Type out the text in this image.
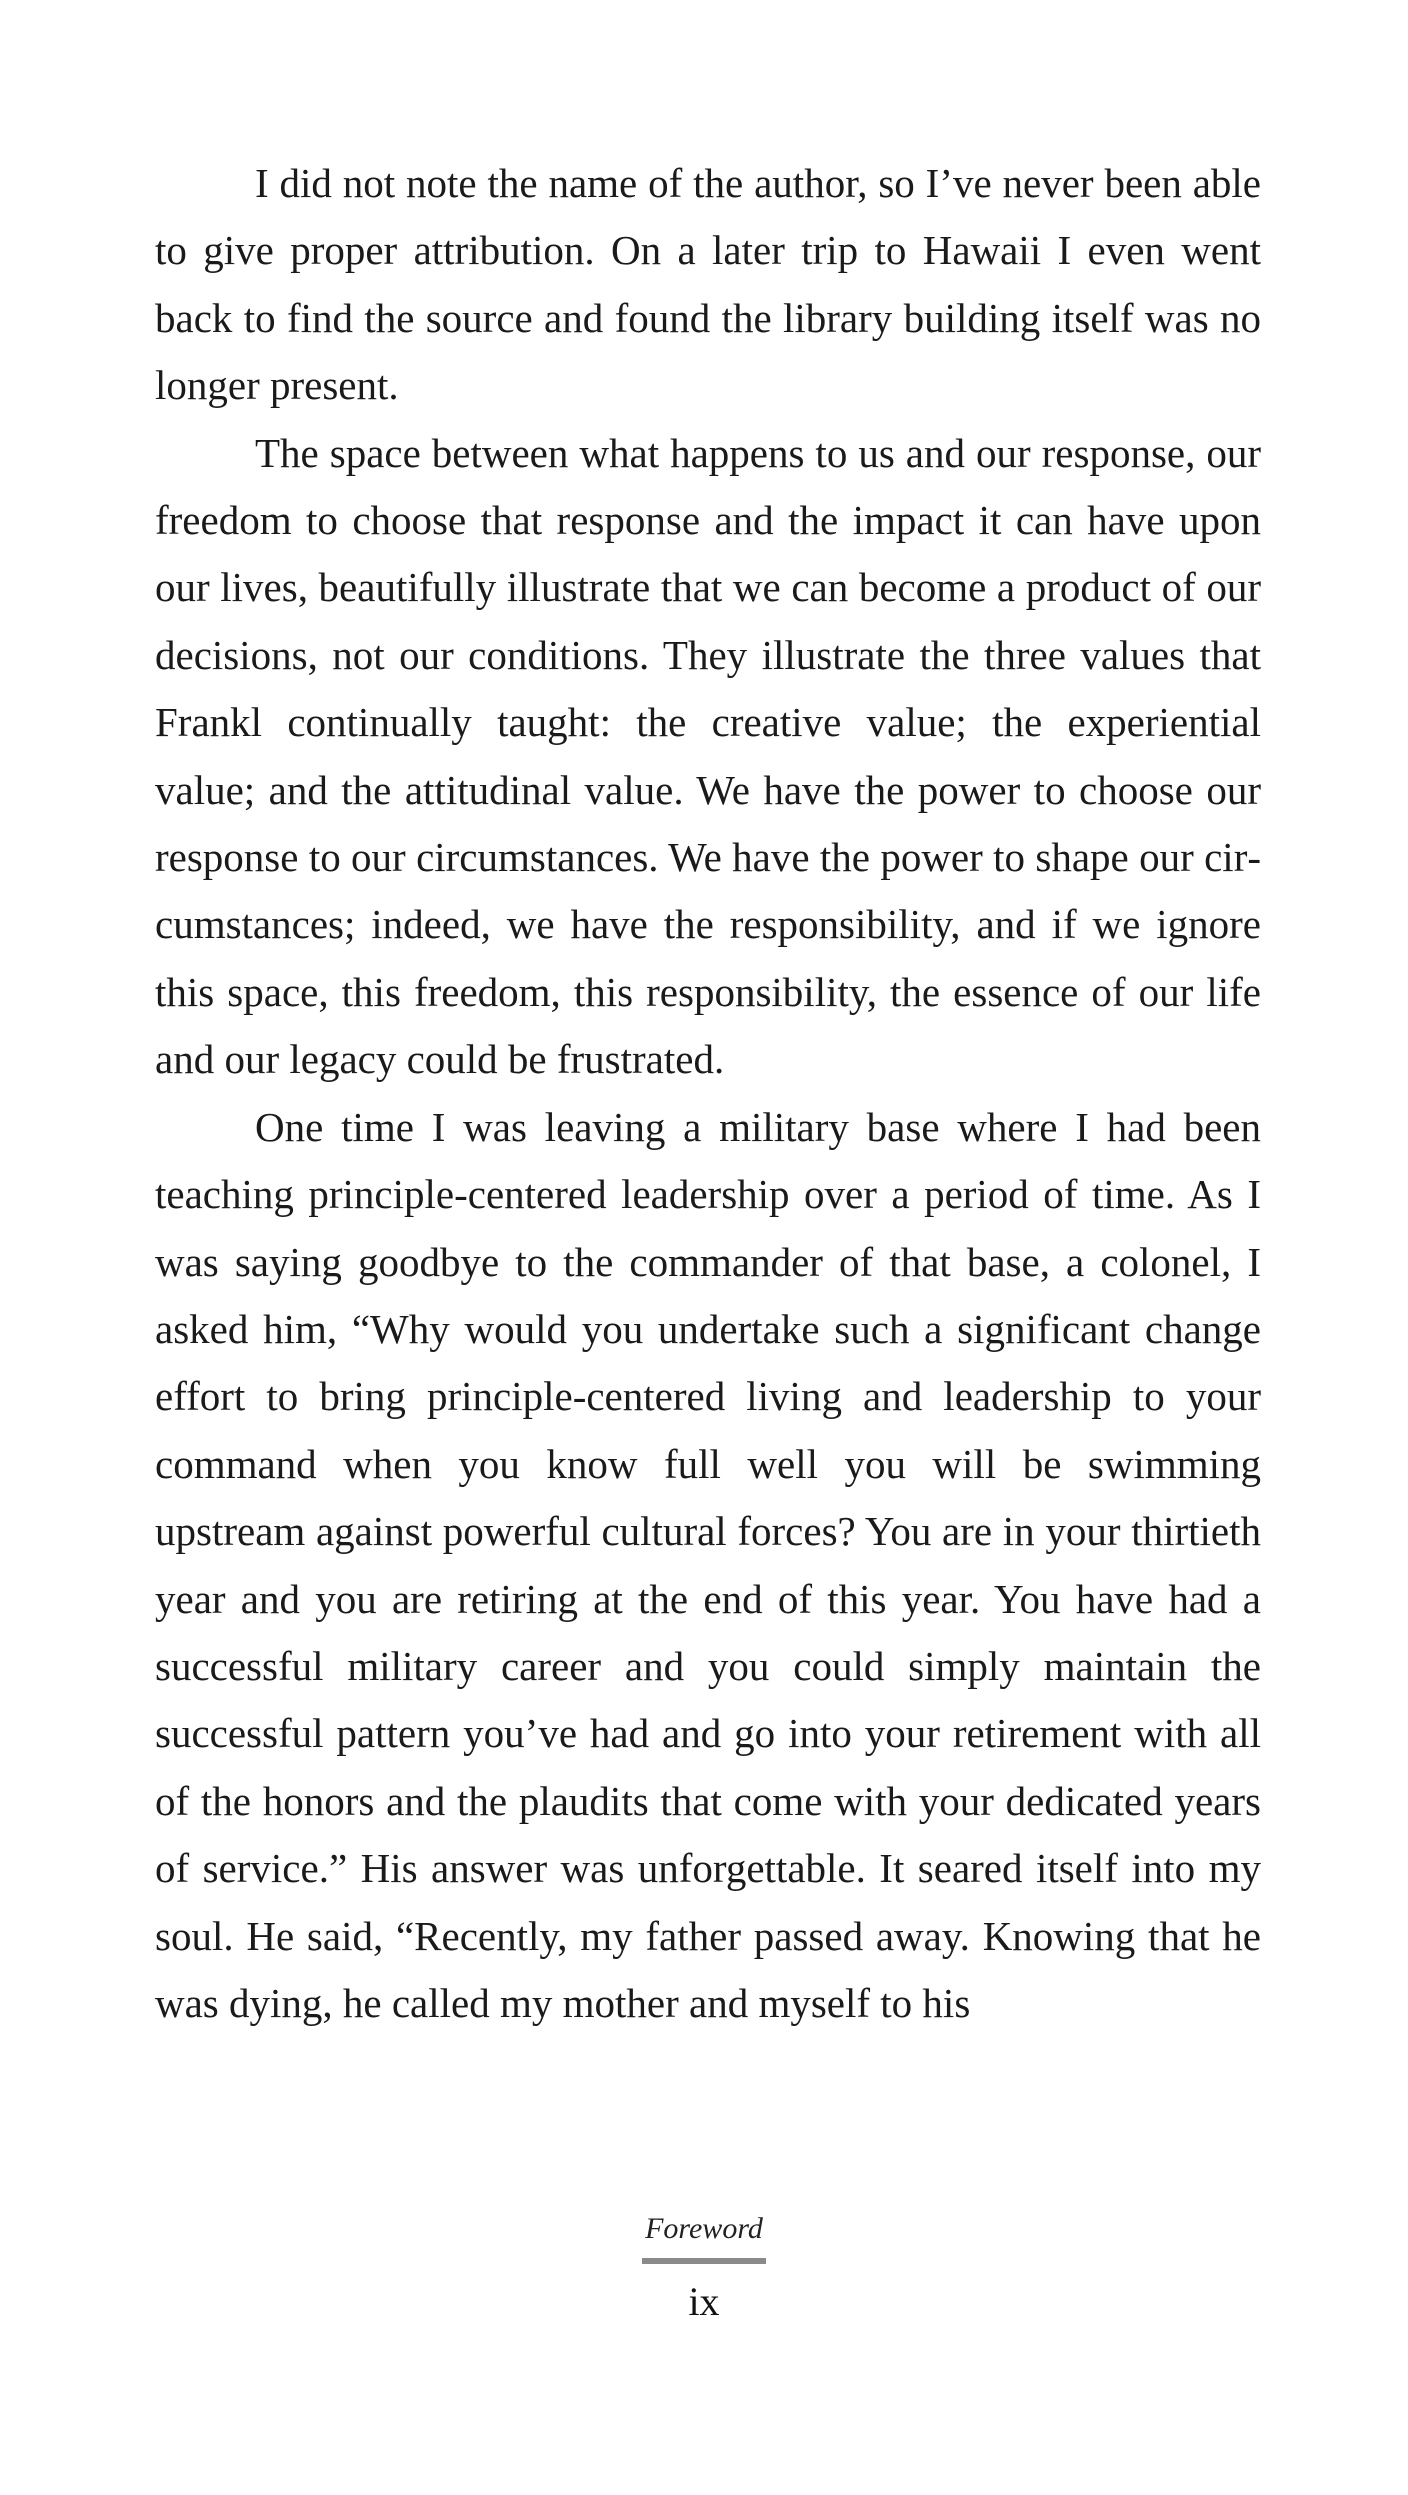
I did not note the name of the author, so I’ve never been able to give proper attribution. On a later trip to Hawaii I even went back to find the source and found the library building itself was no longer present.

The space between what happens to us and our response, our freedom to choose that response and the impact it can have upon our lives, beautifully illustrate that we can become a product of our decisions, not our conditions. They illustrate the three values that Frankl continually taught: the creative value; the experiential value; and the attitudinal value. We have the power to choose our response to our circumstances. We have the power to shape our circumstances; indeed, we have the responsibility, and if we ignore this space, this freedom, this responsibility, the essence of our life and our legacy could be frustrated.

One time I was leaving a military base where I had been teaching principle-centered leadership over a period of time. As I was saying goodbye to the commander of that base, a colonel, I asked him, “Why would you undertake such a significant change effort to bring principle-centered living and leadership to your command when you know full well you will be swimming upstream against powerful cultural forces? You are in your thirtieth year and you are retiring at the end of this year. You have had a successful military career and you could simply maintain the successful pattern you’ve had and go into your retirement with all of the honors and the plaudits that come with your dedicated years of service.” His answer was unforgettable. It seared itself into my soul. He said, “Recently, my father passed away. Knowing that he was dying, he called my mother and myself to his

Foreword
ix
